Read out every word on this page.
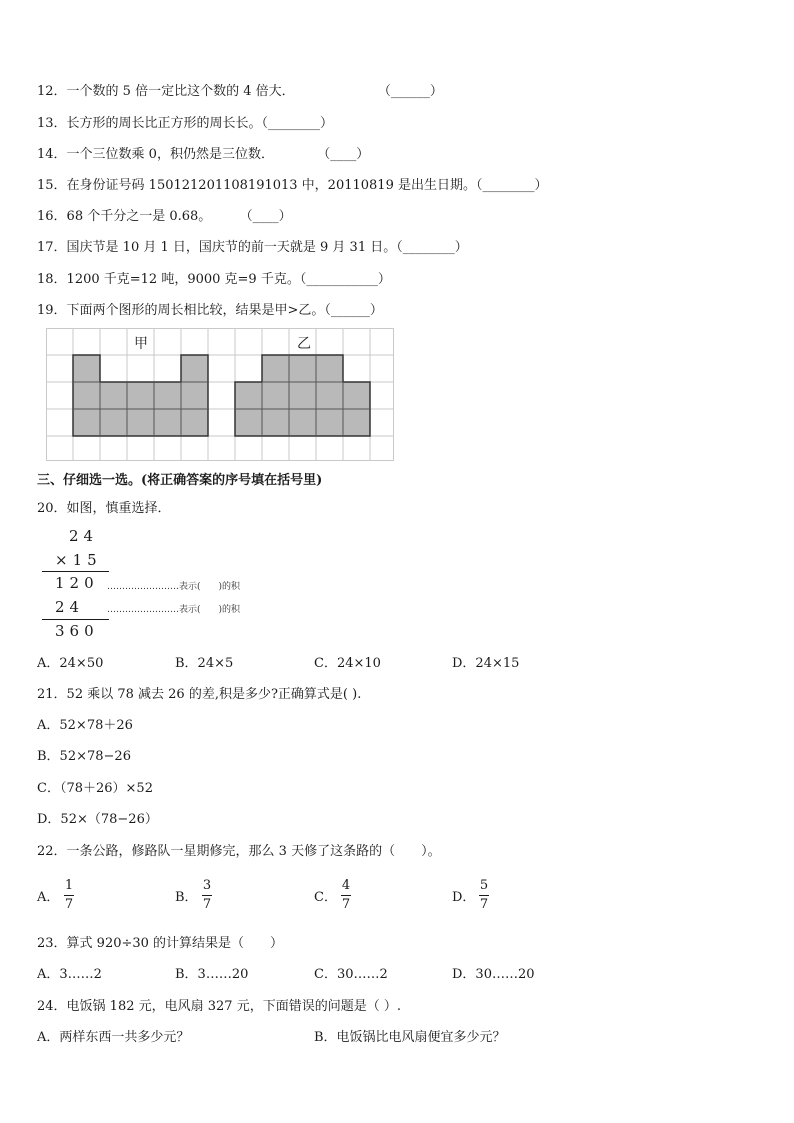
12．一个数的 5 倍一定比这个数的 4 倍大．	（______）
13．长方形的周长比正方形的周长长。（________）
14．一个三位数乘 0，积仍然是三位数．	（____）
15．在身份证号码 150121201108191013 中，20110819 是出生日期。（________）
16．68 个千分之一是 0.68。 （____）
17．国庆节是 10 月 1 日，国庆节的前一天就是 9 月 31 日。（________）
18．1200 千克=12 吨，9000 克=9 千克。（___________）
19．下面两个图形的周长相比较，结果是甲>乙。（______）
甲	乙
三、仔细选一选。(将正确答案的序号填在括号里)
20．如图，慎重选择．
24
×15
120 ……………………表示(　　)的积
24	……………………表示(　　)的积
360
A．24×50	B．24×5	C．24×10	D．24×15
21．52 乘以 78 减去 26 的差,积是多少?正确算式是( ).
A．52×78＋26
B．52×78−26
C．（78＋26）×52
D．52×（78−26）
22．一条公路，修路队一星期修完，那么 3 天修了这条路的（　　）。
A．
1
7	B．
3
7	C．
4
7	D．
5
7
23．算式 920÷30 的计算结果是（　　）
A．3……2	B．3……20	C．30……2	D．30……20
24．电饭锅 182 元，电风扇 327 元，下面错误的问题是（ ）.
A．两样东西一共多少元？	B．电饭锅比电风扇便宜多少元？
